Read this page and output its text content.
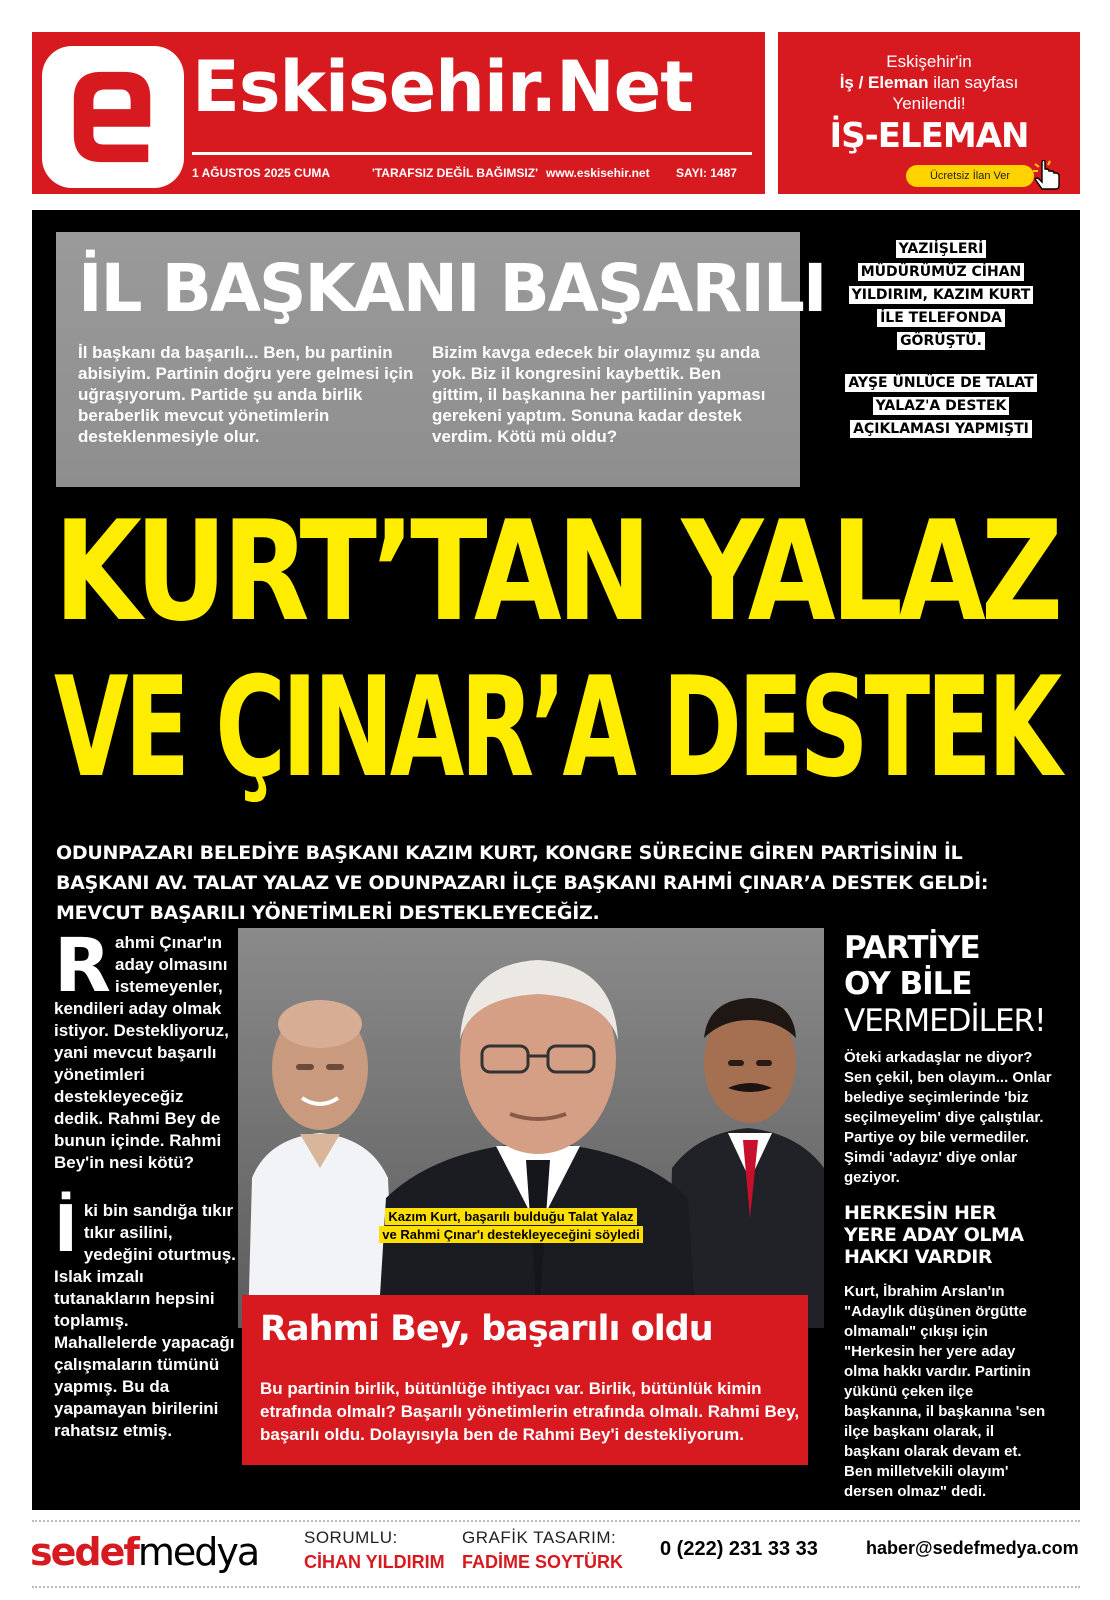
Eskisehir.Net
1 AĞUSTOS 2025 CUMA	'TARAFSIZ DEĞİL BAĞIMSIZ' www.eskisehir.net SAYI: 1487
Eskişehir'in
İş / Eleman ilan sayfası
Yenilendi!
İŞ-ELEMAN
Ücretsiz İlan Ver
İL BAŞKANI BAŞARILI
İl başkanı da başarılı... Ben, bu partinin abisiyim. Partinin doğru yere gelmesi için uğraşıyorum. Partide şu anda birlik beraberlik mevcut yönetimlerin desteklenmesiyle olur.
Bizim kavga edecek bir olayımız şu anda yok. Biz il kongresini kaybettik. Ben gittim, il başkanına her partilinin yapması gerekeni yaptım. Sonuna kadar destek verdim. Kötü mü oldu?
YAZIİŞLERİ MÜDÜRÜMÜZ CİHAN YILDIRIM, KAZIM KURT İLE TELEFONDA GÖRÜŞTÜ.
AYŞE ÜNLÜCE DE TALAT YALAZ'A DESTEK AÇIKLAMASI YAPMIŞTI
KURT’TAN YALAZ
VE ÇINAR’A DESTEK
ODUNPAZARI BELEDİYE BAŞKANI KAZIM KURT, KONGRE SÜRECİNE GİREN PARTİSİNİN İL BAŞKANI AV. TALAT YALAZ VE ODUNPAZARI İLÇE BAŞKANI RAHMİ ÇINAR’A DESTEK GELDİ: MEVCUT BAŞARILI YÖNETİMLERİ DESTEKLEYECEĞİZ.
Rahmi Çınar'ın aday olmasını istemeyenler, kendileri aday olmak istiyor. Destekliyoruz, yani mevcut başarılı yönetimleri destekleyeceğiz dedik. Rahmi Bey de bunun içinde. Rahmi Bey'in nesi kötü?
İki bin sandığa tıkır tıkır asilini, yedeğini oturtmuş. Islak imzalı tutanakların hepsini toplamış. Mahallelerde yapacağı çalışmaların tümünü yapmış. Bu da yapamayan birilerini rahatsız etmiş.
Kazım Kurt, başarılı bulduğu Talat Yalaz
ve Rahmi Çınar'ı destekleyeceğini söyledi
Rahmi Bey, başarılı oldu
Bu partinin birlik, bütünlüğe ihtiyacı var. Birlik, bütünlük kimin etrafında olmalı? Başarılı yönetimlerin etrafında olmalı. Rahmi Bey, başarılı oldu. Dolayısıyla ben de Rahmi Bey'i destekliyorum.
PARTİYE
OY BİLE
VERMEDİLER!
Öteki arkadaşlar ne diyor? Sen çekil, ben olayım... Onlar belediye seçimlerinde 'biz seçilmeyelim' diye çalıştılar. Partiye oy bile vermediler. Şimdi 'adayız' diye onlar geziyor.
HERKESİN HER YERE ADAY OLMA HAKKI VARDIR
Kurt, İbrahim Arslan'ın "Adaylık düşünen örgütte olmamalı" çıkışı için "Herkesin her yere aday olma hakkı vardır. Partinin yükünü çeken ilçe başkanına, il başkanına 'sen ilçe başkanı olarak, il başkanı olarak devam et. Ben milletvekili olayım' dersen olmaz" dedi.
sedefmedya	SORUMLU:
CİHAN YILDIRIM
GRAFİK TASARIM:
FADİME SOYTÜRK
0 (222) 231 33 33	haber@sedefmedya.com
